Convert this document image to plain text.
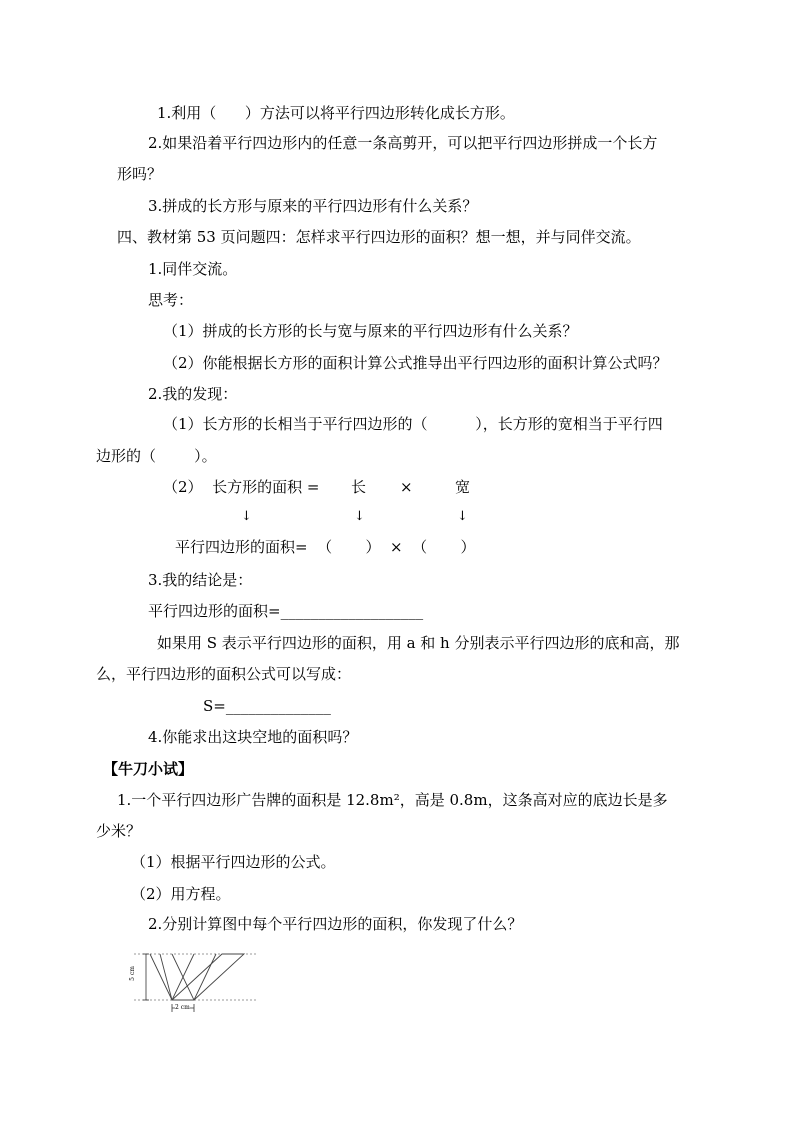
1.利用（      ）方法可以将平行四边形转化成长方形。
2.如果沿着平行四边形内的任意一条高剪开，可以把平行四边形拼成一个长方
形吗？
3.拼成的长方形与原来的平行四边形有什么关系？
四、教材第 53 页问题四：怎样求平行四边形的面积？想一想，并与同伴交流。
1.同伴交流。
思考：
（1）拼成的长方形的长与宽与原来的平行四边形有什么关系？
（2）你能根据长方形的面积计算公式推导出平行四边形的面积计算公式吗？
2.我的发现：
（1）长方形的长相当于平行四边形的（          ），长方形的宽相当于平行四
边形的（        ）。
（2）  长方形的面积 = 长 ×	宽
↓	↓	↓
平行四边形的面积=  （       ）  ×  （       ）
3.我的结论是：
平行四边形的面积=___________________
如果用 S 表示平行四边形的面积，用 a 和 h 分别表示平行四边形的底和高，那
么，平行四边形的面积公式可以写成：
S=______________
4.你能求出这块空地的面积吗？
【牛刀小试】
1.一个平行四边形广告牌的面积是 12.8m²，高是 0.8m，这条高对应的底边长是多
少米？
（1）根据平行四边形的公式。
（2）用方程。
2.分别计算图中每个平行四边形的面积，你发现了什么？
5 cm
2 cm
